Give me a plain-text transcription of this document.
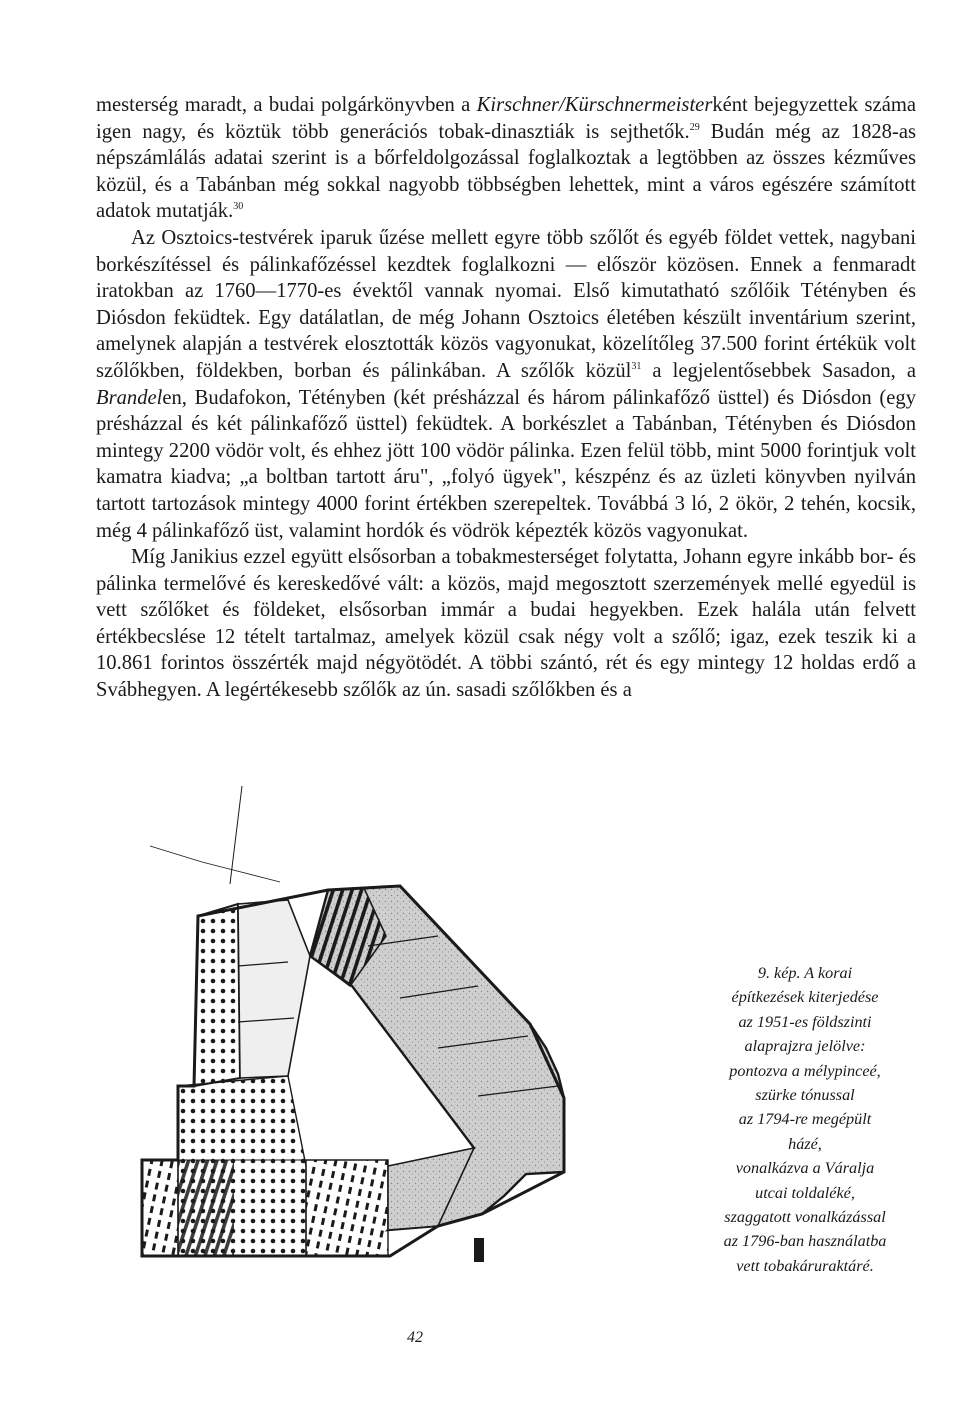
mesterség maradt, a budai polgárkönyvben a Kirschner/Kürschnermeisterként bejegyzettek száma igen nagy, és köztük több generációs tobak-dinasztiák is sejthetők.$^{29}$ Budán még az 1828-as népszámlálás adatai szerint is a bőrfeldolgozással foglalkoztak a legtöbben az összes kézműves közül, és a Tabánban még sokkal nagyobb többségben lehettek, mint a város egészére számított adatok mutatják.$^{30}$

Az Osztoics-testvérek iparuk űzése mellett egyre több szőlőt és egyéb földet vettek, nagybani borkészítéssel és pálinkafőzéssel kezdtek foglalkozni — először közösen. Ennek a fenmaradt iratokban az 1760—1770-es évektől vannak nyomai. Első kimutatható szőlőik Tétényben és Diósdon feküdtek. Egy datálatlan, de még Johann Osztoics életében készült inventárium szerint, amelynek alapján a testvérek elosztották közös vagyonukat, közelítőleg 37.500 forint értékük volt szőlőkben, földekben, borban és pálinkában. A szőlők közül$^{31}$ a legjelentősebbek Sasadon, a Brandelen, Budafokon, Tétényben (két présházzal és három pálinkafőző üsttel) és Diósdon (egy présházzal és két pálinkafőző üsttel) feküdtek. A borkészlet a Tabánban, Tétényben és Diósdon mintegy 2200 vödör volt, és ehhez jött 100 vödör pálinka. Ezen felül több, mint 5000 forintjuk volt kamatra kiadva; „a boltban tartott áru", „folyó ügyek", készpénz és az üzleti könyvben nyilván tartott tartozások mintegy 4000 forint értékben szerepeltek. Továbbá 3 ló, 2 ökör, 2 tehén, kocsik, még 4 pálinkafőző üst, valamint hordók és vödrök képezték közös vagyonukat.

Míg Janikius ezzel együtt elsősorban a tobakmesterséget folytatta, Johann egyre inkább bor- és pálinka termelővé és kereskedővé vált: a közös, majd megosztott szerzemények mellé egyedül is vett szőlőket és földeket, elsősorban immár a budai hegyekben. Ezek halála után felvett értékbecslése 12 tételt tartalmaz, amelyek közül csak négy volt a szőlő; igaz, ezek teszik ki a 10.861 forintos összérték majd négyötödét. A többi szántó, rét és egy mintegy 12 holdas erdő a Svábhegyen. A legértékesebb szőlők az ún. sasadi szőlőkben és a

9. kép. A korai
építkezések kiterjedése
az 1951-es földszinti
alaprajzra jelölve:
pontozva a mélypinceé,
szürke tónussal
az 1794-re megépült
házé,
vonalkázva a Váralja
utcai toldaléké,
szaggatott vonalkázással
az 1796-ban használatba
vett tobakáruraktáré.
42
